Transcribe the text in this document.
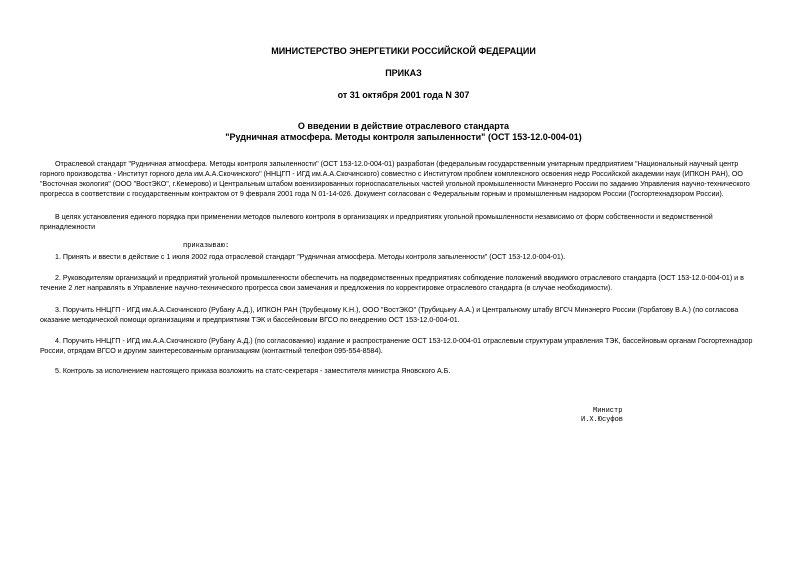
МИНИСТЕРСТВО ЭНЕРГЕТИКИ РОССИЙСКОЙ ФЕДЕРАЦИИ
ПРИКАЗ
от 31 октября 2001 года N 307
О введении в действие отраслевого стандарта
"Рудничная атмосфера. Методы контроля запыленности" (ОСТ 153-12.0-004-01)
Отраслевой стандарт "Рудничная атмосфера. Методы контроля запыленности" (ОСТ 153-12.0-004-01) разработан (федеральным государственным унитарным предприятием "Национальный научный центр
горного производства - Институт горного дела им.А.А.Скочинского" (ННЦГП - ИГД им.А.А.Скочинского) совместно с Институтом проблем комплексного освоения недр Российской академии наук (ИПКОН РАН), ОО
"Восточная экология" (ООО "ВостЭКО", г.Кемерово) и Центральным штабом военизированных горноспасательных частей угольной промышленности Минэнерго России по заданию Управления научно-технического
прогресса в соответствии с государственным контрактом от 9 февраля 2001 года N 01-14-026. Документ согласован с Федеральным горным и промышленным надзором России (Госгортехнадзором России).
В целях установления единого порядка при применении методов пылевого контроля в организациях и предприятиях угольной промышленности независимо от форм собственности и ведомственной
принадлежности
приказываю:
1. Принять и ввести в действие с 1 июля 2002 года отраслевой стандарт "Рудничная атмосфера. Методы контроля запыленности" (ОСТ 153-12.0-004-01).
2. Руководителям организаций и предприятий угольной промышленности обеспечить на подведомственных предприятиях соблюдение положений вводимого отраслевого стандарта (ОСТ 153-12.0-004-01) и в
течение 2 лет направлять в Управление научно-технического прогресса свои замечания и предложения по корректировке отраслевого стандарта (в случае необходимости).
3. Поручить ННЦГП - ИГД им.А.А.Скочинского (Рубану А.Д.), ИПКОН РАН (Трубецкому К.Н.), ООО "ВостЭКО" (Трубицыну А.А.) и Центральному штабу ВГСЧ Минэнерго России (Горбатову В.А.) (по согласова
оказание методической помощи организациям и предприятиям ТЭК и бассейновым ВГСО по внедрению ОСТ 153-12.0-004-01.
4. Поручить ННЦГП - ИГД им.А.А.Скочинского (Рубану А.Д.) (по согласованию) издание и распространение ОСТ 153-12.0-004-01 отраслевым структурам управления ТЭК, бассейновым органам Госгортехнадзор
России, отрядам ВГСО и другим заинтересованным организациям (контактный телефон 095-554-8584).
5. Контроль за исполнением настоящего приказа возложить на статс-секретаря - заместителя министра Яновского А.Б.
Министр
И.Х.Юсуфов
